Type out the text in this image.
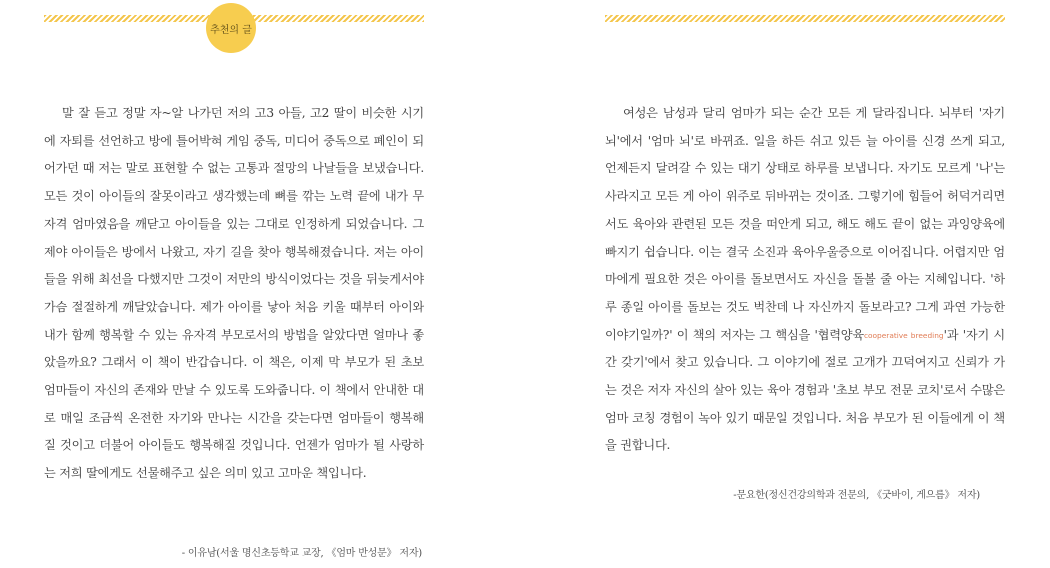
추천의 글

말 잘 듣고 정말 자~알 나가던 저의 고3 아들, 고2 딸이 비슷한 시기에 자퇴를 선언하고 방에 틀어박혀 게임 중독, 미디어 중독으로 폐인이 되어가던 때 저는 말로 표현할 수 없는 고통과 절망의 나날들을 보냈습니다. 모든 것이 아이들의 잘못이라고 생각했는데 뼈를 깎는 노력 끝에 내가 무자격 엄마였음을 깨닫고 아이들을 있는 그대로 인정하게 되었습니다. 그제야 아이들은 방에서 나왔고, 자기 길을 찾아 행복해졌습니다. 저는 아이들을 위해 최선을 다했지만 그것이 저만의 방식이었다는 것을 뒤늦게서야 가슴 절절하게 깨달았습니다. 제가 아이를 낳아 처음 키울 때부터 아이와 내가 함께 행복할 수 있는 유자격 부모로서의 방법을 알았다면 얼마나 좋았을까요? 그래서 이 책이 반갑습니다. 이 책은, 이제 막 부모가 된 초보 엄마들이 자신의 존재와 만날 수 있도록 도와줍니다. 이 책에서 안내한 대로 매일 조금씩 온전한 자기와 만나는 시간을 갖는다면 엄마들이 행복해질 것이고 더불어 아이들도 행복해질 것입니다. 언젠가 엄마가 될 사랑하는 저희 딸에게도 선물해주고 싶은 의미 있고 고마운 책입니다.

- 이유남(서울 명신초등학교 교장, 《엄마 반성문》 저자)

여성은 남성과 달리 엄마가 되는 순간 모든 게 달라집니다. 뇌부터 '자기 뇌'에서 '엄마 뇌'로 바뀌죠. 일을 하든 쉬고 있든 늘 아이를 신경 쓰게 되고, 언제든지 달려갈 수 있는 대기 상태로 하루를 보냅니다. 자기도 모르게 '나'는 사라지고 모든 게 아이 위주로 뒤바뀌는 것이죠. 그렇기에 힘들어 허덕거리면서도 육아와 관련된 모든 것을 떠안게 되고, 해도 해도 끝이 없는 과잉양육에 빠지기 쉽습니다. 이는 결국 소진과 육아우울증으로 이어집니다. 어렵지만 엄마에게 필요한 것은 아이를 돌보면서도 자신을 돌볼 줄 아는 지혜입니다. '하루 종일 아이를 돌보는 것도 벅찬데 나 자신까지 돌보라고? 그게 과연 가능한 이야기일까?' 이 책의 저자는 그 핵심을 '협력양육cooperative breeding'과 '자기 시간 갖기'에서 찾고 있습니다. 그 이야기에 절로 고개가 끄덕여지고 신뢰가 가는 것은 저자 자신의 살아 있는 육아 경험과 '초보 부모 전문 코치'로서 수많은 엄마 코칭 경험이 녹아 있기 때문일 것입니다. 처음 부모가 된 이들에게 이 책을 권합니다.

-문요한(정신건강의학과 전문의, 《굿바이, 게으름》 저자)
